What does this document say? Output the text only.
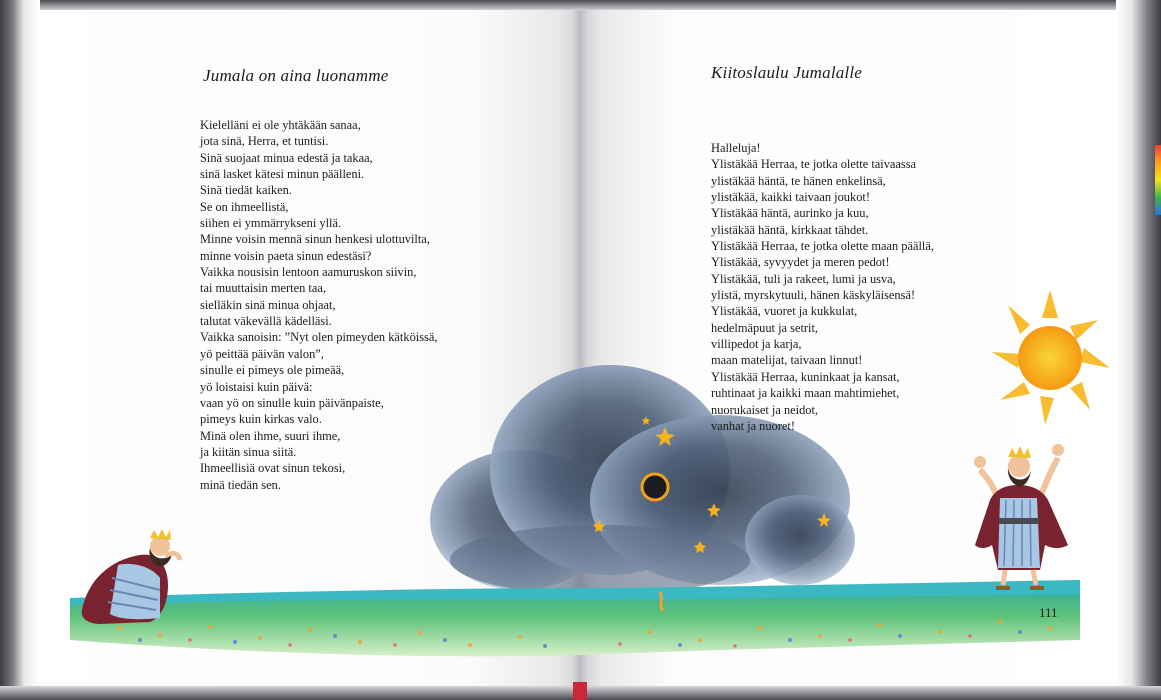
Jumala on aina luonamme
Kielelläni ei ole yhtäkään sanaa,
jota sinä, Herra, et tuntisi.
Sinä suojaat minua edestä ja takaa,
sinä lasket kätesi minun päälleni.
Sinä tiedät kaiken.
Se on ihmeellistä,
siihen ei ymmärrykseni yllä.
Minne voisin mennä sinun henkesi ulottuvilta,
minne voisin paeta sinun edestäsi?
Vaikka nousisin lentoon aamuruskon siivin,
tai muuttaisin merten taa,
sielläkin sinä minua ohjaat,
talutat väkevällä kädelläsi.
Vaikka sanoisin: ”Nyt olen pimeyden kätköissä,
yö peittää päivän valon”,
sinulle ei pimeys ole pimeää,
yö loistaisi kuin päivä:
vaan yö on sinulle kuin päivänpaiste,
pimeys kuin kirkas valo.
Minä olen ihme, suuri ihme,
ja kiitän sinua siitä.
Ihmeellisiä ovat sinun tekosi,
minä tiedän sen.
Kiitoslaulu Jumalalle
Halleluja!
Ylistäkää Herraa, te jotka olette taivaassa
ylistäkää häntä, te hänen enkelinsä,
ylistäkää, kaikki taivaan joukot!
Ylistäkää häntä, aurinko ja kuu,
ylistäkää häntä, kirkkaat tähdet.
Ylistäkää Herraa, te jotka olette maan päällä,
Ylistäkää, syvyydet ja meren pedot!
Ylistäkää, tuli ja rakeet, lumi ja usva,
ylistä, myrskytuuli, hänen käskyläisensä!
Ylistäkää, vuoret ja kukkulat,
hedelmäpuut ja setrit,
villipedot ja karja,
maan matelijat, taivaan linnut!
Ylistäkää Herraa, kuninkaat ja kansat,
ruhtinaat ja kaikki maan mahtimiehet,
nuorukaiset ja neidot,
vanhat ja nuoret!
111
